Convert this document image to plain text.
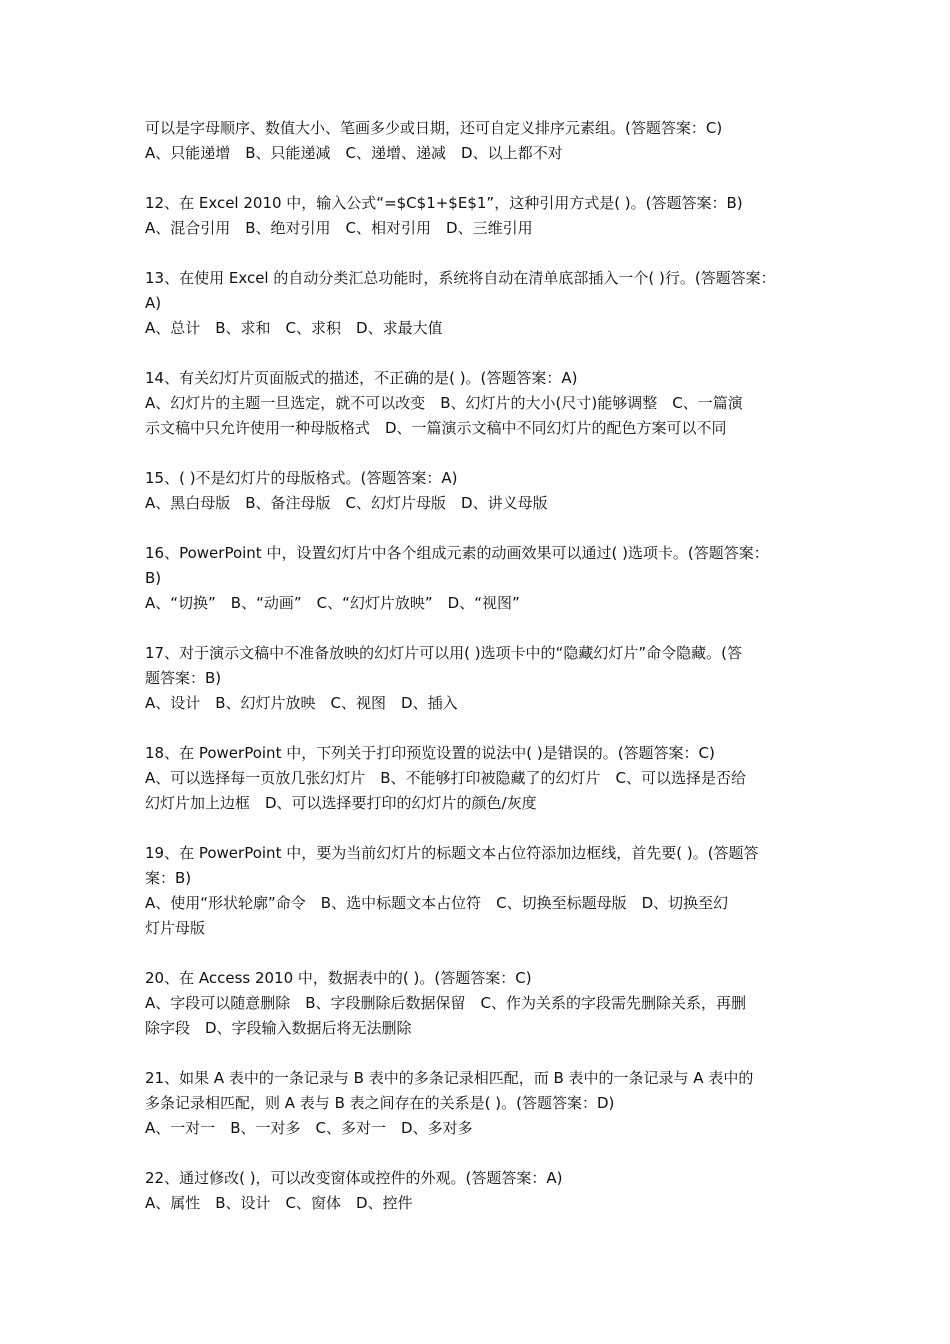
可以是字母顺序、数值大小、笔画多少或日期，还可自定义排序元素组。(答题答案：C)
A、只能递增　B、只能递减　C、递增、递减　D、以上都不对
12、在 Excel 2010 中，输入公式“=$C$1+$E$1”，这种引用方式是( )。(答题答案：B)
A、混合引用　B、绝对引用　C、相对引用　D、三维引用
13、在使用 Excel 的自动分类汇总功能时，系统将自动在清单底部插入一个( )行。(答题答案：
A)
A、总计　B、求和　C、求积　D、求最大值
14、有关幻灯片页面版式的描述，不正确的是( )。(答题答案：A)
A、幻灯片的主题一旦选定，就不可以改变　B、幻灯片的大小(尺寸)能够调整　C、一篇演
示文稿中只允许使用一种母版格式　D、一篇演示文稿中不同幻灯片的配色方案可以不同
15、( )不是幻灯片的母版格式。(答题答案：A)
A、黑白母版　B、备注母版　C、幻灯片母版　D、讲义母版
16、PowerPoint 中，设置幻灯片中各个组成元素的动画效果可以通过( )选项卡。(答题答案：
B)
A、“切换”　B、“动画”　C、“幻灯片放映”　D、“视图”
17、对于演示文稿中不准备放映的幻灯片可以用( )选项卡中的“隐藏幻灯片”命令隐藏。(答
题答案：B)
A、设计　B、幻灯片放映　C、视图　D、插入
18、在 PowerPoint 中，下列关于打印预览设置的说法中( )是错误的。(答题答案：C)
A、可以选择每一页放几张幻灯片　B、不能够打印被隐藏了的幻灯片　C、可以选择是否给
幻灯片加上边框　D、可以选择要打印的幻灯片的颜色/灰度
19、在 PowerPoint 中，要为当前幻灯片的标题文本占位符添加边框线，首先要( )。(答题答
案：B)
A、使用“形状轮廓”命令　B、选中标题文本占位符　C、切换至标题母版　D、切换至幻
灯片母版
20、在 Access 2010 中，数据表中的( )。(答题答案：C)
A、字段可以随意删除　B、字段删除后数据保留　C、作为关系的字段需先删除关系，再删
除字段　D、字段输入数据后将无法删除
21、如果 A 表中的一条记录与 B 表中的多条记录相匹配，而 B 表中的一条记录与 A 表中的
多条记录相匹配，则 A 表与 B 表之间存在的关系是( )。(答题答案：D)
A、一对一　B、一对多　C、多对一　D、多对多
22、通过修改( )，可以改变窗体或控件的外观。(答题答案：A)
A、属性　B、设计　C、窗体　D、控件
